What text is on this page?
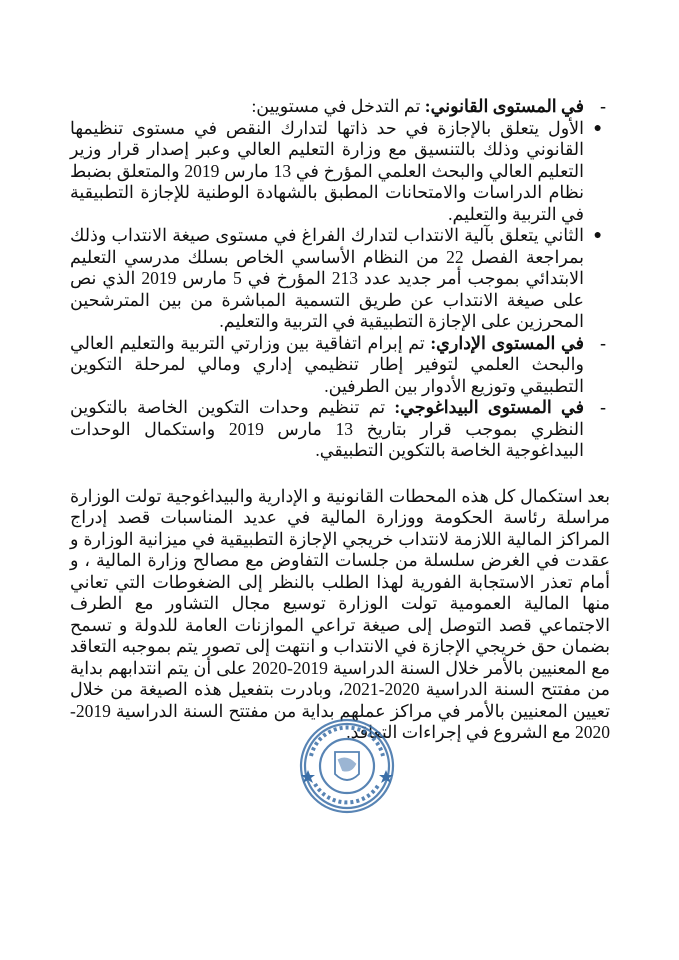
-
في المستوى القانوني: تم التدخل في مستويين:
●
الأول يتعلق بالإجازة في حد ذاتها لتدارك النقص في مستوى تنظيمها القانوني وذلك بالتنسيق مع وزارة التعليم العالي وعبر إصدار قرار وزير التعليم العالي والبحث العلمي المؤرخ في 13 مارس 2019 والمتعلق بضبط نظام الدراسات والامتحانات المطبق بالشهادة الوطنية للإجازة التطبيقية في التربية والتعليم.
●
الثاني يتعلق بآلية الانتداب لتدارك الفراغ في مستوى صيغة الانتداب وذلك بمراجعة الفصل 22 من النظام الأساسي الخاص بسلك مدرسي التعليم الابتدائي بموجب أمر جديد عدد 213 المؤرخ في 5 مارس 2019 الذي نص على صيغة الانتداب عن طريق التسمية المباشرة من بين المترشحين المحرزين على الإجازة التطبيقية في التربية والتعليم.
-
في المستوى الإداري: تم إبرام اتفاقية بين وزارتي التربية والتعليم العالي والبحث العلمي لتوفير إطار تنظيمي إداري ومالي لمرحلة التكوين التطبيقي وتوزيع الأدوار بين الطرفين.
-
في المستوى البيداغوجي: تم تنظيم وحدات التكوين الخاصة بالتكوين النظري بموجب قرار بتاريخ 13 مارس 2019 واستكمال الوحدات البيداغوجية الخاصة بالتكوين التطبيقي.

بعد استكمال كل هذه المحطات القانونية و الإدارية والبيداغوجية تولت الوزارة مراسلة رئاسة الحكومة ووزارة المالية في عديد المناسبات قصد إدراج المراكز المالية اللازمة لانتداب خريجي الإجازة التطبيقية في ميزانية الوزارة و عقدت في الغرض سلسلة من جلسات التفاوض مع مصالح وزارة المالية ، و أمام تعذر الاستجابة الفورية لهذا الطلب بالنظر إلى الضغوطات التي تعاني منها المالية العمومية تولت الوزارة توسيع مجال التشاور مع الطرف الاجتماعي قصد التوصل إلى صيغة تراعي الموازنات العامة للدولة و تسمح بضمان حق خريجي الإجازة في الانتداب و انتهت إلى تصور يتم بموجبه التعاقد مع المعنيين بالأمر خلال السنة الدراسية 2019-2020 على أن يتم انتدابهم بداية من مفتتح السنة الدراسية 2020-2021، وبادرت بتفعيل هذه الصيغة من خلال تعيين المعنيين بالأمر في مراكز عملهم بداية من مفتتح السنة الدراسية 2019-2020 مع الشروع في إجراءات التعاقد.
